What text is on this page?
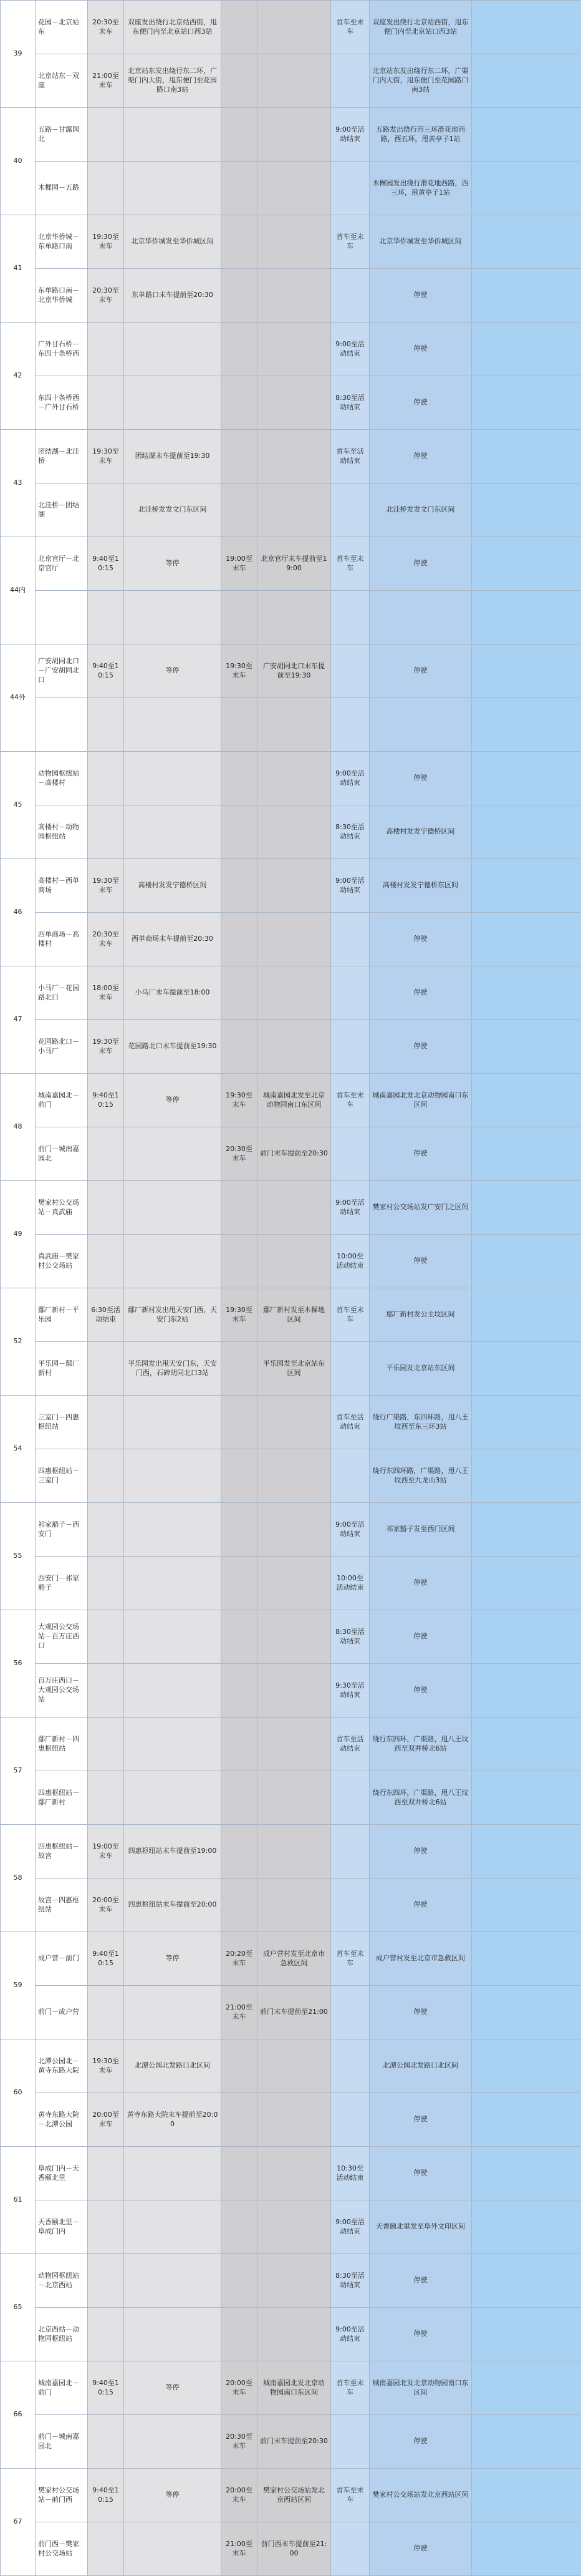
39	花园－北京站东	20:30至末车	双座发出绕行北京站西街，甩东便门内至北京站口西3站			首车至末车	双座发出绕行北京站西街，甩东便门内至北京站口西3站	
	北京站东－双座	21:00至末车	北京站东发出绕行东二环，广渠门内大街，甩东便门至花园路口南3站				北京站东发出绕行东二环，广渠门内大街，甩东便门至花园路口南3站	
40	五路－甘露园北					9:00至活动结束	五路发出绕行西三环滑花地西路，西五环，甩黄亭子1站	
	木樨园－五路						木樨园发出绕行滑花地西路，西三环，甩黄亭子1站	
41	北京华侨城－东单路口南	19:30至末车	北京华侨城发至华侨城区间			首车至末车	北京华侨城发至华侨城区间	
	东单路口南－北京华侨城	20:30至末车	东单路口末车提前至20:30				停驶	
42	广外甘石桥－东四十条桥西					9:00至活动结束	停驶	
	东四十条桥西－广外甘石桥					8:30至活动结束	停驶	
43	团结湖－北洼桥	19:30至末车	团结湖末车提前至19:30			首车至活动结束	停驶	
	北洼桥－团结湖		北洼桥发发文门东区间				北洼桥发发文门东区间	
44内	北京官厅－北京官厅	9:40至10:15	等停	19:00至末车	北京官厅末车提前至19:00	首车至末车	停驶	

44外	广安胡同北口－广安胡同北口	9:40至10:15	等停	19:30至末车	广安胡同北口末车提前至19:30		停驶	

45	动物园枢纽站－高楼村					9:00至活动结束	停驶	
	高楼村－动物园枢纽站					8:30至活动结束	高楼村发发宁德桥区间	
46	高楼村－西单商场	19:30至末车	高楼村发发宁德桥区间			9:00至活动结束	高楼村发发宁德桥东区间	
	西单商场－高楼村	20:30至末车	西单商场末车提前至20:30				停驶	
47	小马厂－花园路北口	18:00至末车	小马厂末车提前至18:00				停驶	
	花园路北口－小马厂	19:30至末车	花园路北口末车提前至19:30				停驶	
48	城南嘉园北－前门	9:40至10:15	等停	19:30至末车	城南嘉园北发至北京动物园南口东区间	首车至末车	城南嘉园北发北京动物园南口东区间	
	前门－城南嘉园北			20:30至末车	前门末车提前至20:30		停驶	
49	樊家村公交场站－真武庙					9:00至活动结束	樊家村公交场站发广安门之区间	
	真武庙－樊家村公交场站					10:00至活动结束	停驶	
52	鄢厂新村－平乐园	6:30至活动结束	鄢厂新村发出甩天安门西，天安门东2站	19:30至末车	鄢厂新村发至木樨地区间	首车至末车	鄢厂新村发公主坟区间	
	平乐园－鄢厂新村		平乐园发出甩天安门东，天安门西，石碑胡同北口3站		平乐园发至北京站东区间		平乐园发北京站东区间	
54	三室门－四惠枢纽站					首车至活动结束	绕行广渠路，东四环路，甩八王坟西至东三环3站	
	四惠枢纽站－三室门						绕行东四环路，广渠路，甩八王坟西至九龙山3站	
55	祁家豁子－西安门					9:00至活动结束	祁家豁子发至西门区间	
	西安门－祁家豁子					10:00至活动结束	停驶	
56	大观园公交场站－百万庄西口					8:30至活动结束	停驶	
	百万庄西口－大观园公交场站					9:30至活动结束	停驶	
57	鄢厂新村－四惠枢纽站					首车至活动结束	绕行东四环，广渠路，甩八王坟西至双井桥北6站	
	四惠枢纽站－鄢厂新村						绕行东四环，广渠路，甩八王坟西至双井桥北6站	
58	四惠枢纽站－故宫	19:00至末车	四惠枢纽站末车提前至19:00				停驶	
	故宫－四惠枢纽站	20:00至末车	四惠枢纽站末车提前至20:00				停驶	
59	成户营－前门	9:40至10:15	等停	20:20至末车	成户营村发至北京市急救区间	首车至末车	成户营村发至北京市急救区间	
	前门－成户营			21:00至末车	前门末车提前至21:00		停驶	
60	北潭公园北－黄寺东路大院	19:30至末车	北潭公园北发路口北区间				北潭公园北发路口北区间	
	黄寺东路大院－北潭公园	20:00至末车	黄寺东路大院末车提前至20:00				停驶	
61	阜成门内－天香颐北里					10:30至活动结束	停驶	
	天香颐北里－阜成门内					9:00至活动结束	天香颐北里发至阜外文印区间	
65	动物园枢纽站－北京西站					8:30至活动结束	停驶	
	北京西站－动物园枢纽站					9:00至活动结束	停驶	
66	城南嘉园北－前门	9:40至10:15	等停	20:00至末车	城南嘉园北发北京动物园南口东区间	首车至末车	城南嘉园北发北京动物园南口东区间	
	前门－城南嘉园北			20:30至末车	前门末车提前至20:30		停驶	
67	樊家村公交场站－前门西	9:40至10:15	等停	20:00至末车	樊家村公交场站发北京西站区间	首车至末车	樊家村公交场站发北京西站区间	
	前门西－樊家村公交场站			21:00至末车	前门西末车提前至21:00		停驶	
